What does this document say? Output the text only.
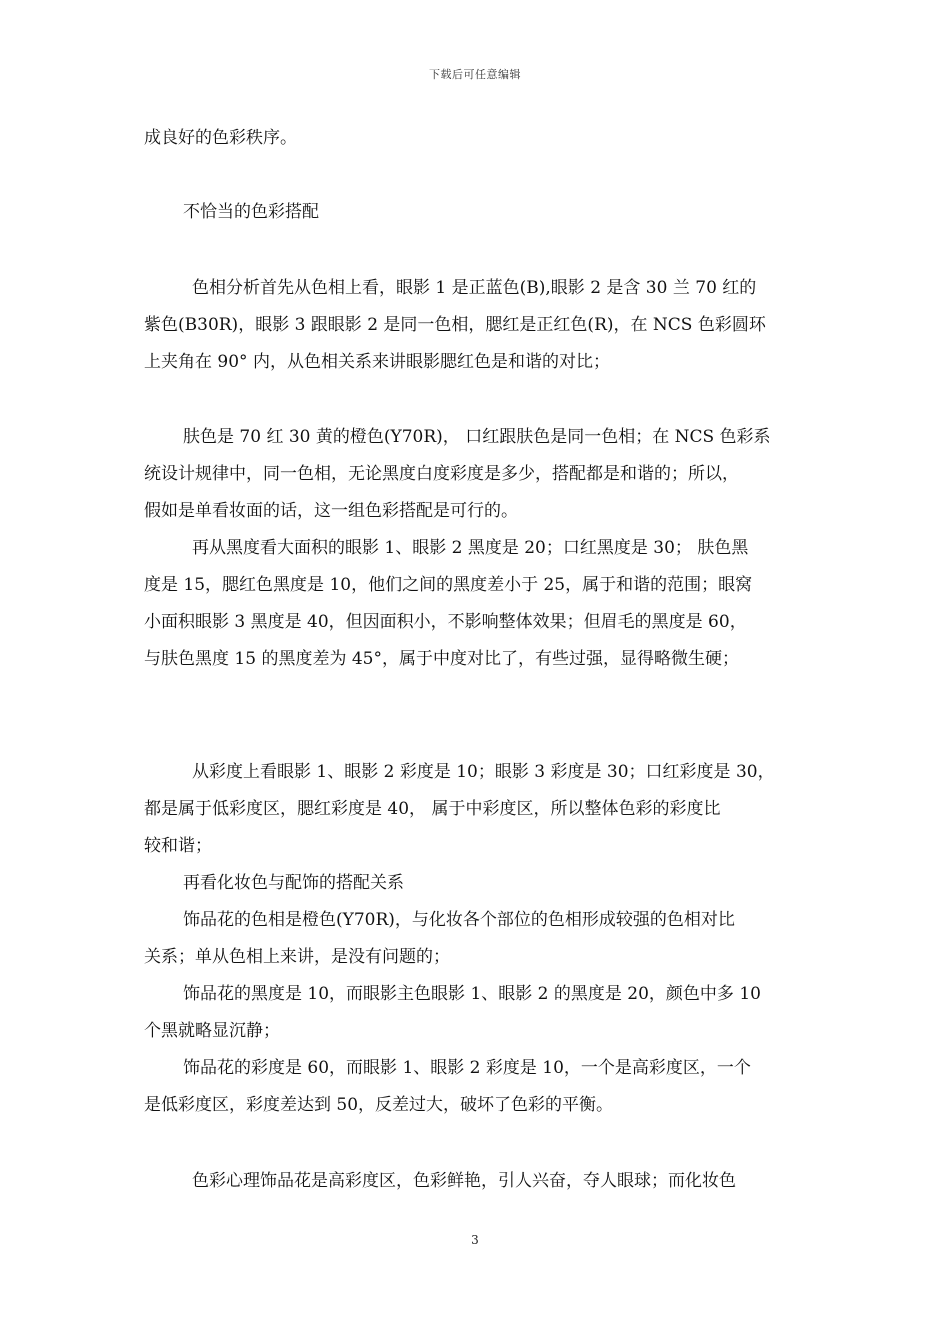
下载后可任意编辑
成良好的色彩秩序。
不恰当的色彩搭配
色相分析首先从色相上看，眼影 1 是正蓝色(B),眼影 2 是含 30 兰 70 红的
紫色(B30R)，眼影 3 跟眼影 2 是同一色相，腮红是正红色(R)，在 NCS 色彩圆环
上夹角在 90° 内，从色相关系来讲眼影腮红色是和谐的对比；
肤色是 70 红 30 黄的橙色(Y70R)， 口红跟肤色是同一色相；在 NCS 色彩系
统设计规律中，同一色相，无论黑度白度彩度是多少，搭配都是和谐的；所以，
假如是单看妆面的话，这一组色彩搭配是可行的。
再从黑度看大面积的眼影 1、眼影 2 黑度是 20；口红黑度是 30； 肤色黑
度是 15，腮红色黑度是 10，他们之间的黑度差小于 25，属于和谐的范围；眼窝
小面积眼影 3 黑度是 40，但因面积小，不影响整体效果；但眉毛的黑度是 60，
与肤色黑度 15 的黑度差为 45°，属于中度对比了，有些过强，显得略微生硬；
从彩度上看眼影 1、眼影 2 彩度是 10；眼影 3 彩度是 30；口红彩度是 30，
都是属于低彩度区，腮红彩度是 40， 属于中彩度区，所以整体色彩的彩度比
较和谐；
再看化妆色与配饰的搭配关系
饰品花的色相是橙色(Y70R)，与化妆各个部位的色相形成较强的色相对比
关系；单从色相上来讲，是没有问题的；
饰品花的黑度是 10，而眼影主色眼影 1、眼影 2 的黑度是 20，颜色中多 10
个黑就略显沉静；
饰品花的彩度是 60，而眼影 1、眼影 2 彩度是 10，一个是高彩度区，一个
是低彩度区，彩度差达到 50，反差过大，破坏了色彩的平衡。
色彩心理饰品花是高彩度区，色彩鲜艳，引人兴奋，夺人眼球；而化妆色
3
